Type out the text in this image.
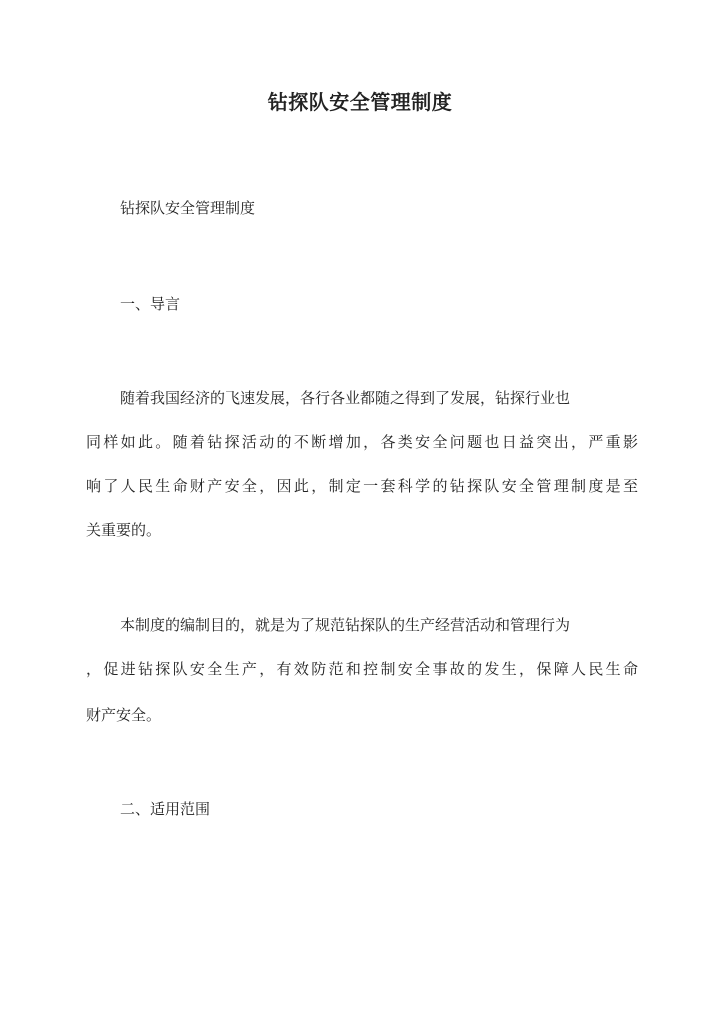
钻探队安全管理制度
钻探队安全管理制度
一、导言
随着我国经济的飞速发展，各行各业都随之得到了发展，钻探行业也
同样如此。随着钻探活动的不断增加，各类安全问题也日益突出，严重影
响了人民生命财产安全，因此，制定一套科学的钻探队安全管理制度是至
关重要的。
本制度的编制目的，就是为了规范钻探队的生产经营活动和管理行为
，促进钻探队安全生产，有效防范和控制安全事故的发生，保障人民生命
财产安全。
二、适用范围
